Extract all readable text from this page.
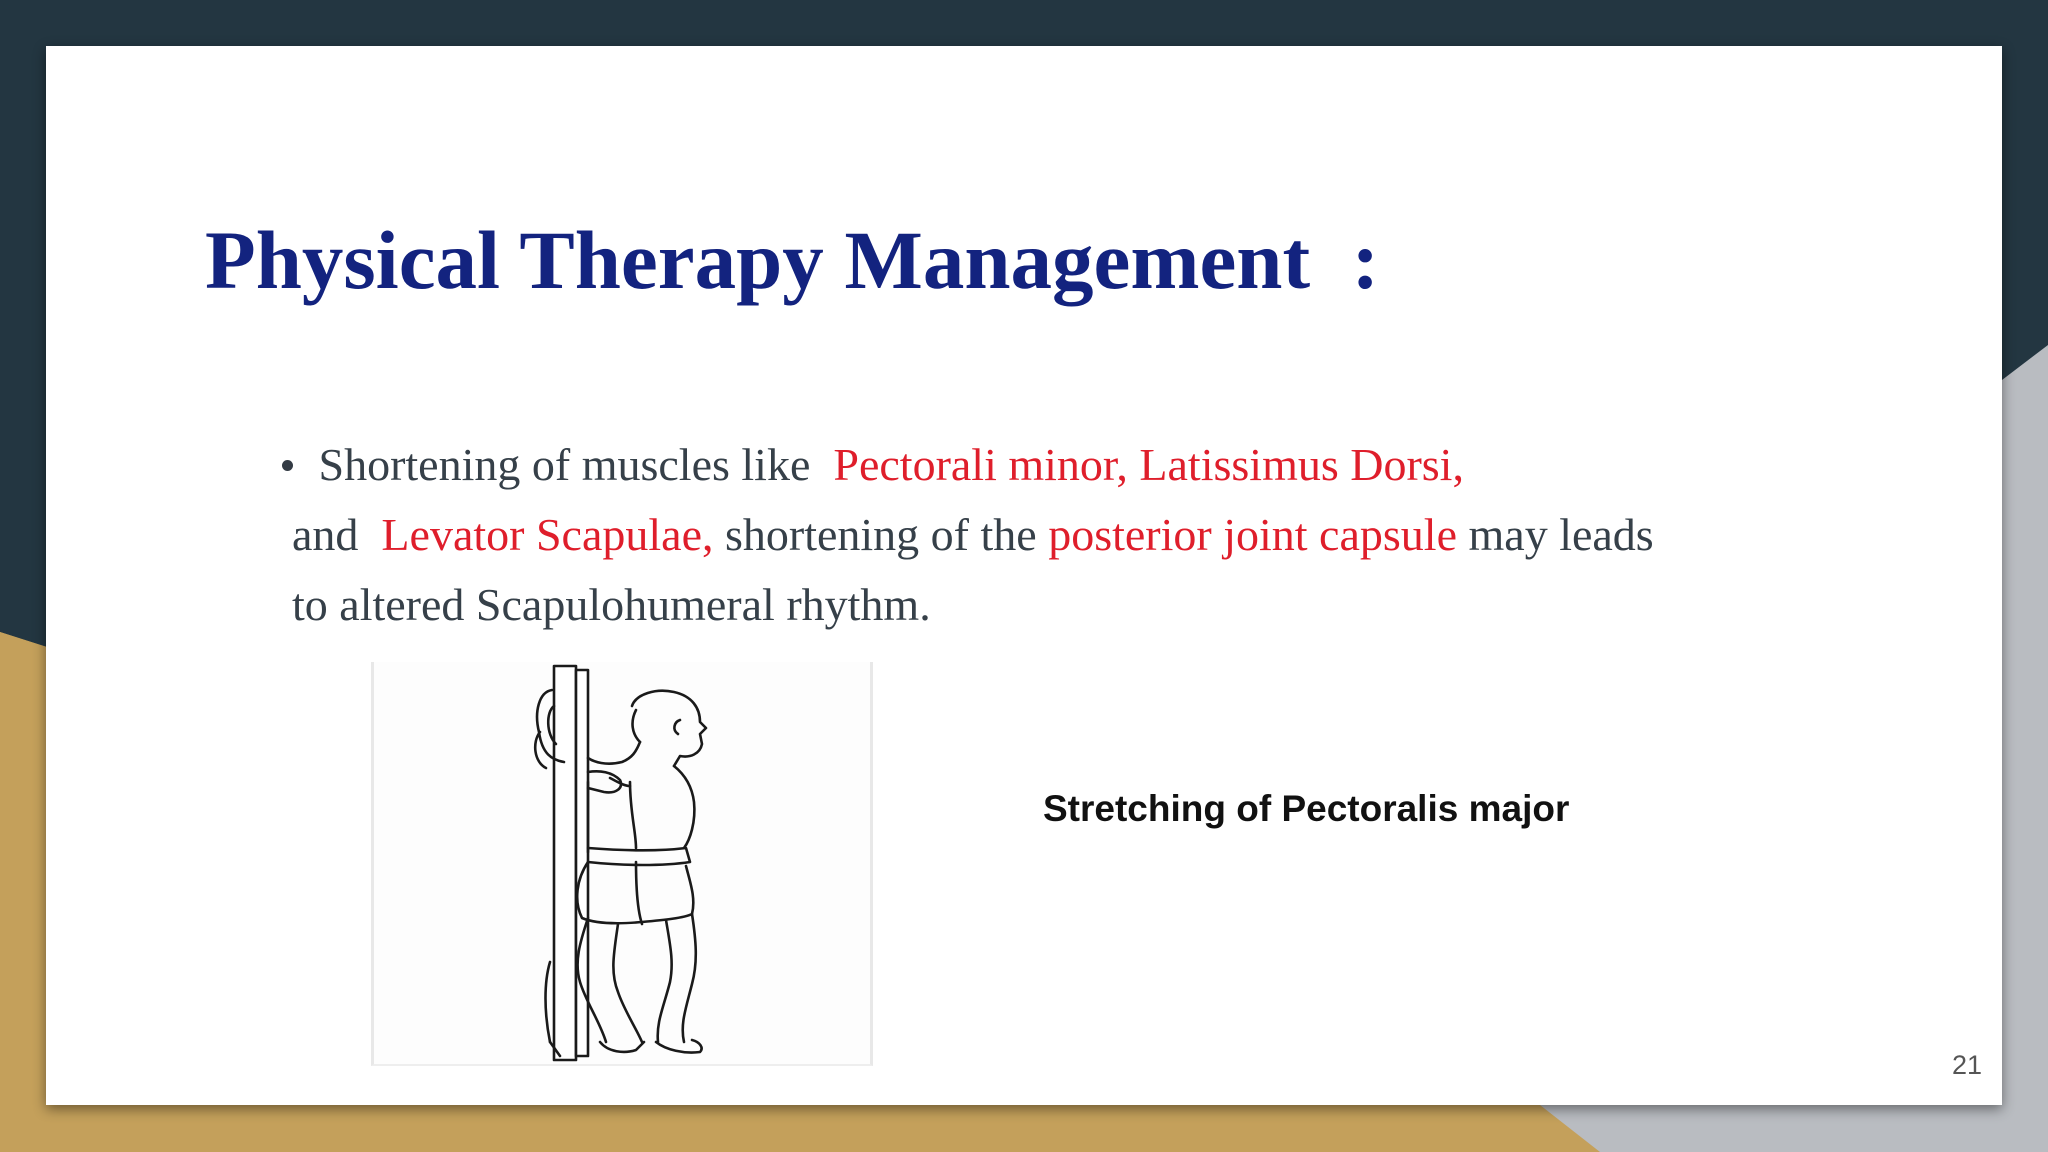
Physical Therapy Management  :
Shortening of muscles like  Pectorali minor, Latissimus Dorsi,
and  Levator Scapulae, shortening of the posterior joint capsule may leads
to altered Scapulohumeral rhythm.

Stretching of Pectoralis major

21
